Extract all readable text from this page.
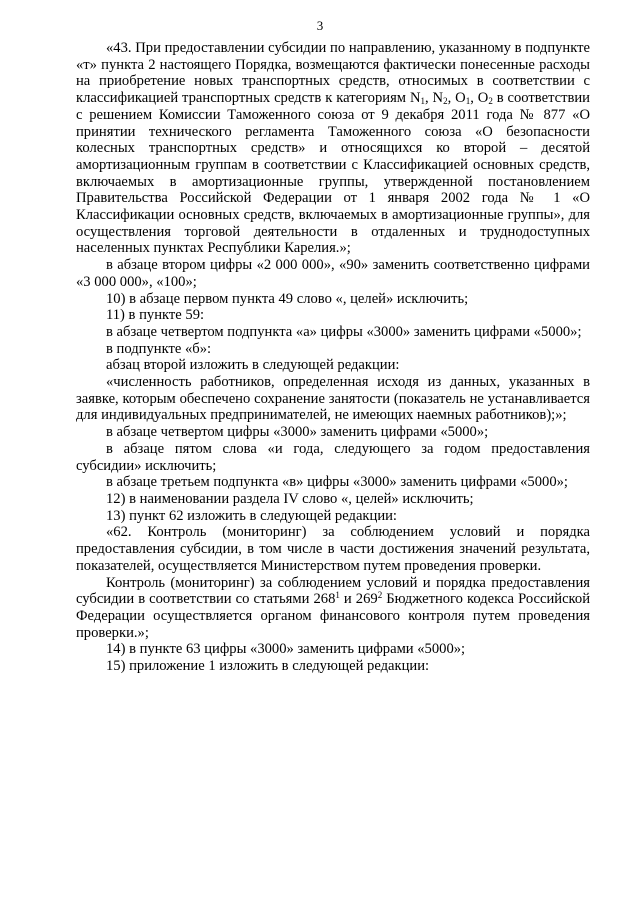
3

«43. При предоставлении субсидии по направлению, указанному в подпункте «т» пункта 2 настоящего Порядка, возмещаются фактически понесенные расходы на приобретение новых транспортных средств, относимых в соответствии с классификацией транспортных средств к категориям $N_1$, $N_2$, $O_1$, $O_2$ в соответствии с решением Комиссии Таможенного союза от 9 декабря 2011 года № 877 «О принятии технического регламента Таможенного союза «О безопасности колесных транспортных средств» и относящихся ко второй – десятой амортизационным группам в соответствии с Классификацией основных средств, включаемых в амортизационные группы, утвержденной постановлением Правительства Российской Федерации от 1 января 2002 года № 1 «О Классификации основных средств, включаемых в амортизационные группы», для осуществления торговой деятельности в отдаленных и труднодоступных населенных пунктах Республики Карелия.»;

в абзаце втором цифры «2 000 000», «90» заменить соответственно цифрами «3 000 000», «100»;

10) в абзаце первом пункта 49 слово «, целей» исключить;

11) в пункте 59:

в абзаце четвертом подпункта «а» цифры «3000» заменить цифрами «5000»;

в подпункте «б»:

абзац второй изложить в следующей редакции:

«численность работников, определенная исходя из данных, указанных в заявке, которым обеспечено сохранение занятости (показатель не устанавливается для индивидуальных предпринимателей, не имеющих наемных работников);»;

в абзаце четвертом цифры «3000» заменить цифрами «5000»;

в абзаце пятом слова «и года, следующего за годом предоставления субсидии» исключить;

в абзаце третьем подпункта «в» цифры «3000» заменить цифрами «5000»;

12) в наименовании раздела IV слово «, целей» исключить;

13) пункт 62 изложить в следующей редакции:

«62. Контроль (мониторинг) за соблюдением условий и порядка предоставления субсидии, в том числе в части достижения значений результата, показателей, осуществляется Министерством путем проведения проверки.

Контроль (мониторинг) за соблюдением условий и порядка предоставления субсидии в соответствии со статьями $268^1$ и $269^2$ Бюджетного кодекса Российской Федерации осуществляется органом финансового контроля путем проведения проверки.»;

14) в пункте 63 цифры «3000» заменить цифрами «5000»;

15) приложение 1 изложить в следующей редакции:
